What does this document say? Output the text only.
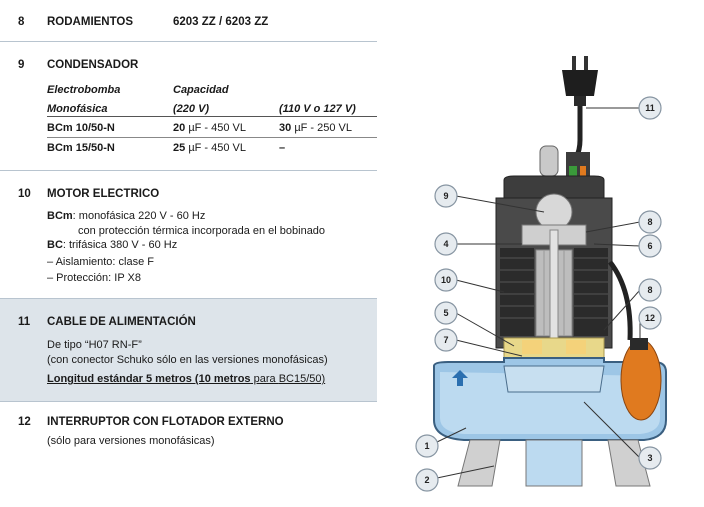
8 RODAMIENTOS	6203 ZZ / 6203 ZZ
9 CONDENSADOR
Electrobomba	Capacidad
Monofásica	(220 V)	(110 V o 127 V)
BCm 10/50-N	20 µF - 450 VL	30 µF - 250 VL
BCm 15/50-N	25 µF - 450 VL	–
10 MOTOR ELECTRICO
BCm: monofásica 220 V - 60 Hz
con protección térmica incorporada en el bobinado
BC: trifásica 380 V - 60 Hz
– Aislamiento: clase F
– Protección: IP X8
11 CABLE DE ALIMENTACIÓN
De tipo “H07 RN-F”
(con conector Schuko sólo en las versiones monofásicas)
Longitud estándar 5 metros (10 metros para BC15/50)
12 INTERRUPTOR CON FLOTADOR EXTERNO
(sólo para versiones monofásicas)
11
9
8
4	6
10
8
5	12
7
1
3
2
